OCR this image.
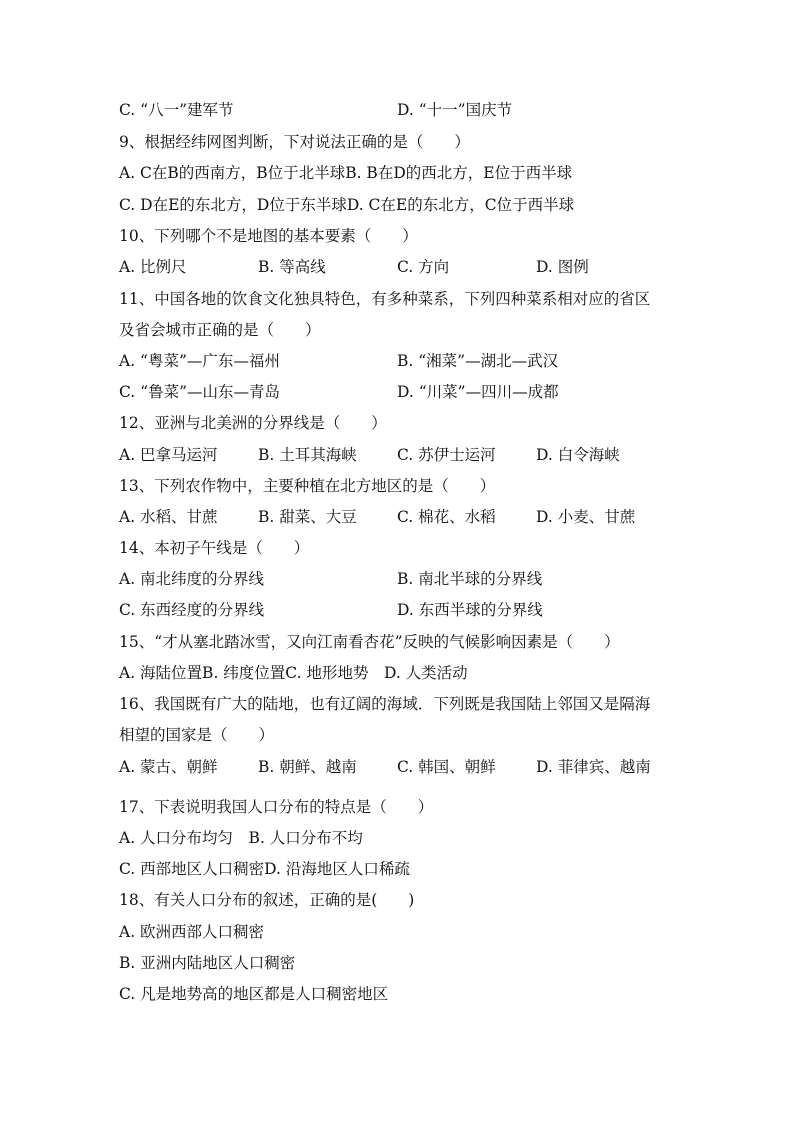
C. “八一”建军节	D. “十一”国庆节
9、根据经纬网图判断，下对说法正确的是（　　）
A. C在B的西南方，B位于北半球B. B在D的西北方，E位于西半球
C. D在E的东北方，D位于东半球D. C在E的东北方，C位于西半球
10、下列哪个不是地图的基本要素（　　）
A. 比例尺	B. 等高线	C. 方向	D. 图例
11、中国各地的饮食文化独具特色，有多种菜系，下列四种菜系相对应的省区
及省会城市正确的是（　　）
A. “粤菜”—广东—福州	B. “湘菜”—湖北—武汉
C. “鲁菜”—山东—青岛	D. “川菜”—四川—成都
12、亚洲与北美洲的分界线是（　　）
A. 巴拿马运河	B. 土耳其海峡	C. 苏伊士运河	D. 白令海峡
13、下列农作物中，主要种植在北方地区的是（　　）
A. 水稻、甘蔗	B. 甜菜、大豆	C. 棉花、水稻	D. 小麦、甘蔗
14、本初子午线是（　　）
A. 南北纬度的分界线	B. 南北半球的分界线
C. 东西经度的分界线	D. 东西半球的分界线
15、“才从塞北踏冰雪，又向江南看杏花”反映的气候影响因素是（　　）
A. 海陆位置B. 纬度位置C. 地形地势　D. 人类活动
16、我国既有广大的陆地，也有辽阔的海域．下列既是我国陆上邻国又是隔海
相望的国家是（　　）
A. 蒙古、朝鲜	B. 朝鲜、越南	C. 韩国、朝鲜	D. 菲律宾、越南
17、下表说明我国人口分布的特点是（　　）
A. 人口分布均匀　B. 人口分布不均
C. 西部地区人口稠密D. 沿海地区人口稀疏
18、有关人口分布的叙述，正确的是(　　)
A. 欧洲西部人口稠密
B. 亚洲内陆地区人口稠密
C. 凡是地势高的地区都是人口稠密地区
